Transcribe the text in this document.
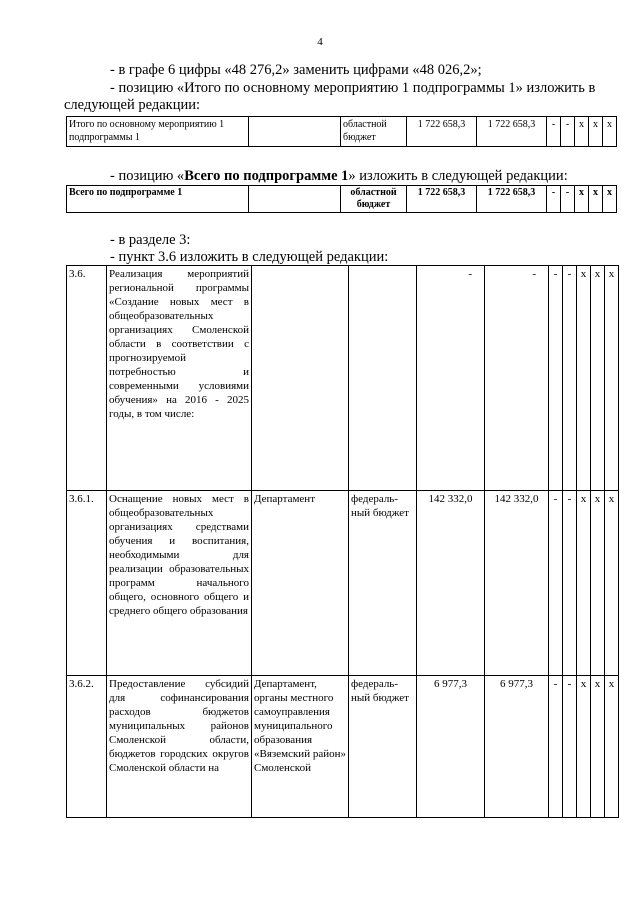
4
- в графе 6 цифры «48 276,2» заменить цифрами «48 026,2»;
- позицию «Итого по основному мероприятию 1 подпрограммы 1» изложить в
следующей редакции:
Итого по основному мероприятию 1 подпрограммы 1		областной бюджет	1 722 658,3	1 722 658,3	-	-	х	х	х
- позицию «Всего по подпрограмме 1» изложить в следующей редакции:
Всего по подпрограмме 1		областной бюджет	1 722 658,3	1 722 658,3	-	-	х	х	х
- в разделе 3:
- пункт 3.6 изложить в следующей редакции:
3.6.	Реализация мероприятий региональной программы «Создание новых мест в общеобразовательных организациях Смоленской области в соответствии с прогнозируемой потребностью и современными условиями обучения» на 2016 - 2025 годы, в том числе:			-	-	-	-	х	х	х
3.6.1.	Оснащение новых мест в общеобразовательных организациях средствами обучения и воспитания, необходимыми для реализации образовательных программ начального общего, основного общего и среднего общего образования	Департамент	федераль-ный бюджет	142 332,0	142 332,0	-	-	х	х	х
3.6.2.	Предоставление субсидий для софинансирования расходов бюджетов муниципальных районов Смоленской области, бюджетов городских округов Смоленской области на	Департамент, органы местного самоуправления муниципального образования «Вяземский район» Смоленской	федераль-ный бюджет	6 977,3	6 977,3	-	-	х	х	х
